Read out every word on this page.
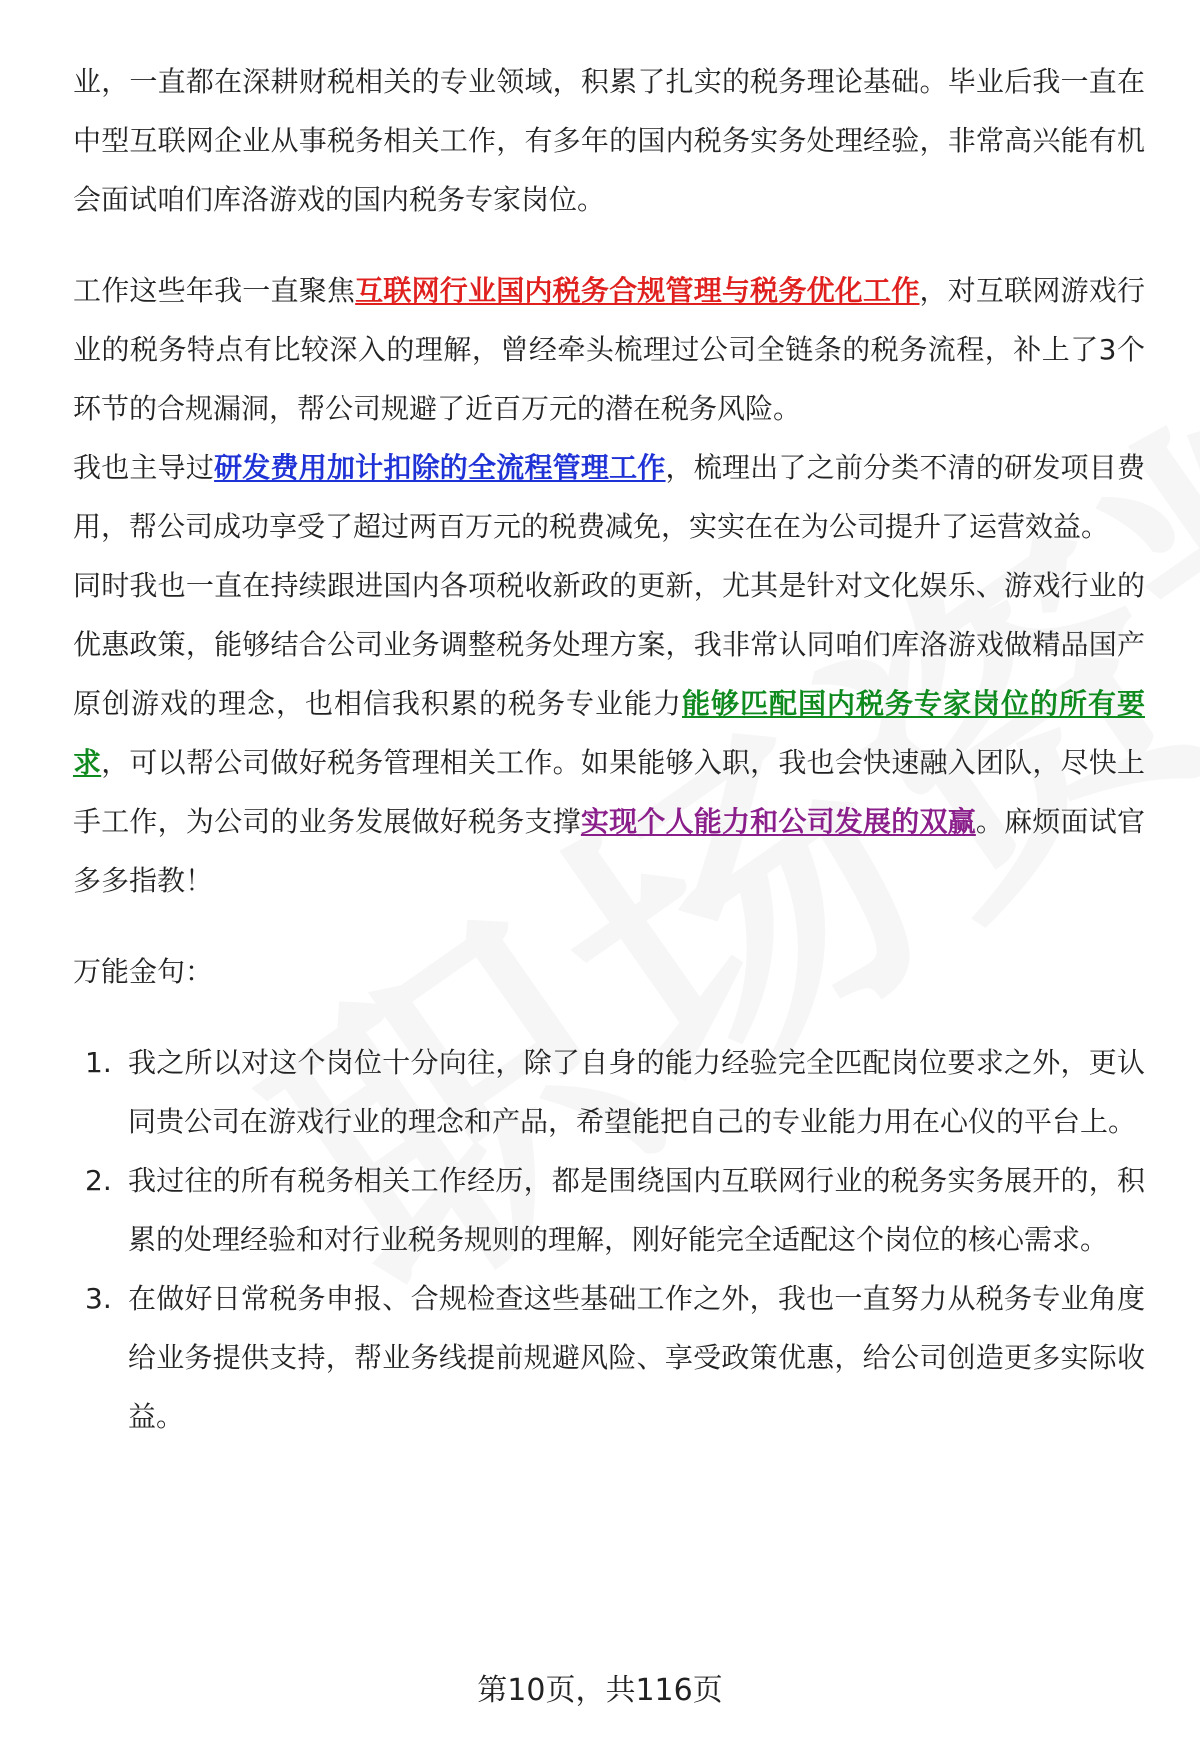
业，一直都在深耕财税相关的专业领域，积累了扎实的税务理论基础。毕业后我一直在中型互联网企业从事税务相关工作，有多年的国内税务实务处理经验，非常高兴能有机会面试咱们库洛游戏的国内税务专家岗位。

工作这些年我一直聚焦互联网行业国内税务合规管理与税务优化工作，对互联网游戏行业的税务特点有比较深入的理解，曾经牵头梳理过公司全链条的税务流程，补上了3个环节的合规漏洞，帮公司规避了近百万元的潜在税务风险。

我也主导过研发费用加计扣除的全流程管理工作，梳理出了之前分类不清的研发项目费用，帮公司成功享受了超过两百万元的税费减免，实实在在为公司提升了运营效益。

同时我也一直在持续跟进国内各项税收新政的更新，尤其是针对文化娱乐、游戏行业的优惠政策，能够结合公司业务调整税务处理方案，我非常认同咱们库洛游戏做精品国产原创游戏的理念，也相信我积累的税务专业能力能够匹配国内税务专家岗位的所有要求，可以帮公司做好税务管理相关工作。如果能够入职，我也会快速融入团队，尽快上手工作，为公司的业务发展做好税务支撑实现个人能力和公司发展的双赢。麻烦面试官多多指教！

万能金句：

1. 我之所以对这个岗位十分向往，除了自身的能力经验完全匹配岗位要求之外，更认同贵公司在游戏行业的理念和产品，希望能把自己的专业能力用在心仪的平台上。
2. 我过往的所有税务相关工作经历，都是围绕国内互联网行业的税务实务展开的，积累的处理经验和对行业税务规则的理解，刚好能完全适配这个岗位的核心需求。
3. 在做好日常税务申报、合规检查这些基础工作之外，我也一直努力从税务专业角度给业务提供支持，帮业务线提前规避风险、享受政策优惠，给公司创造更多实际收益。
第10页，共116页
